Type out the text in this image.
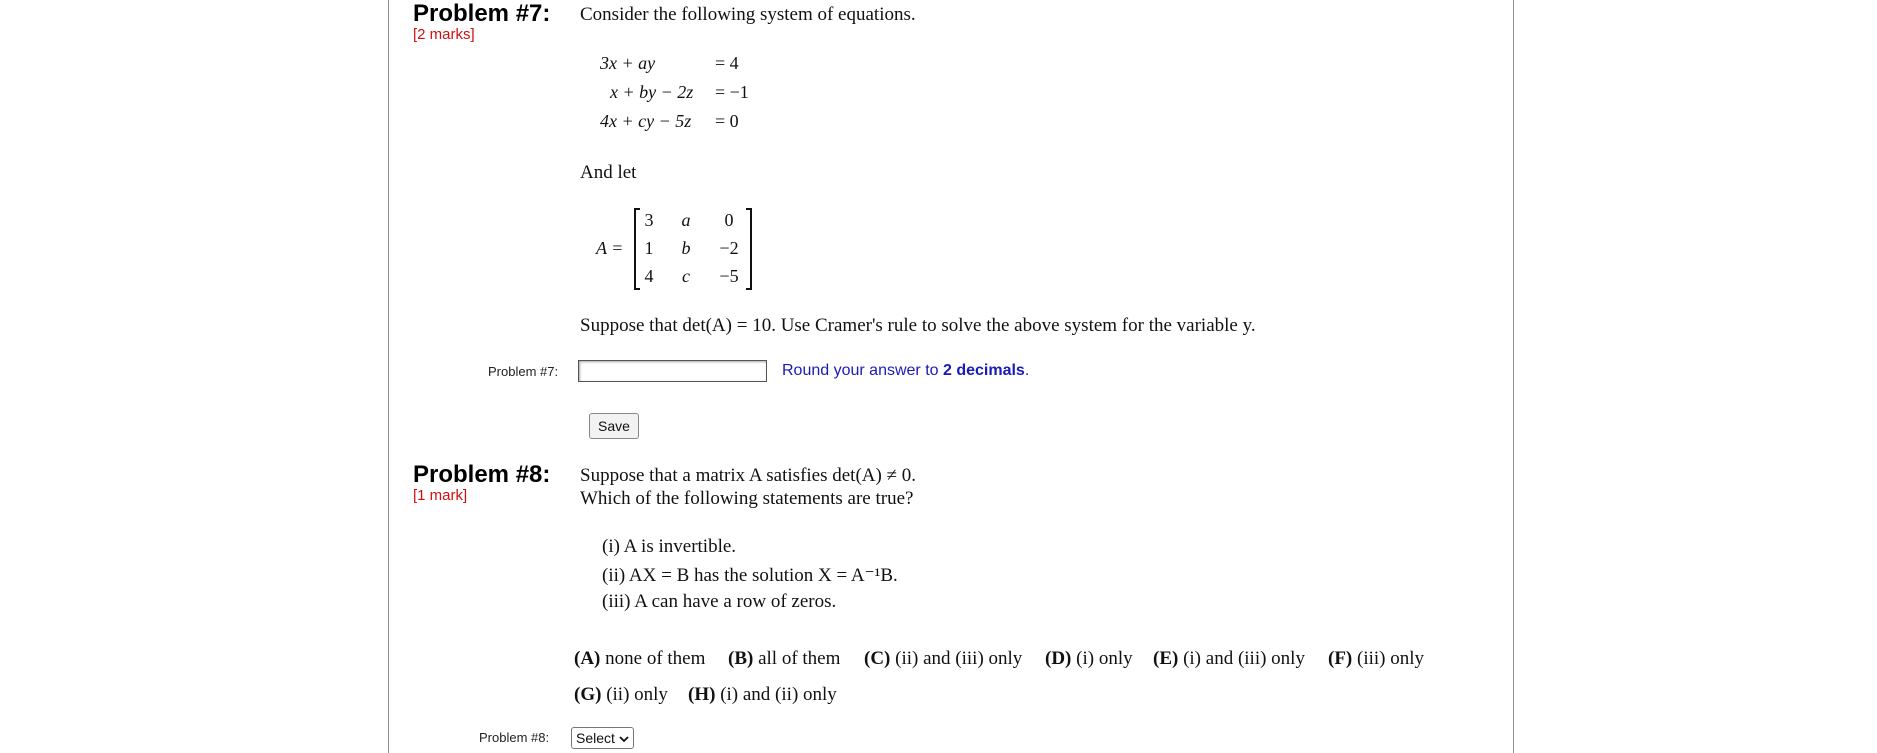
Problem #7:
[2 marks]
Consider the following system of equations.
3x + ay	= 4
x + by − 2z = −1
4x + cy − 5z = 0
And let
A =
3	a	0
1	b	−2
4	c	−5
Suppose that det(A) = 10. Use Cramer's rule to solve the above system for the variable y.
Problem #7:	Round your answer to 2 decimals.
Save
Problem #8:
[1 mark]
Suppose that a matrix A satisfies det(A) ≠ 0.
Which of the following statements are true?
(i) A is invertible.
(ii) AX = B has the solution X = A⁻¹B.
(iii) A can have a row of zeros.
(A) none of them (B) all of them (C) (ii) and (iii) only (D) (i) only (E) (i) and (iii) only (F) (iii) only
(G) (ii) only (H) (i) and (ii) only
Problem #8: Select
